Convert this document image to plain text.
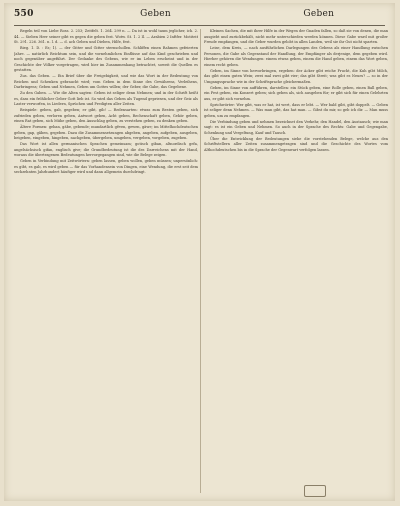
550	Geben	Geben

Regeln teil von Liebe Ross. 2. 253; Zeitfelt. 1. 264. 299 n. — Da ist in wohl taum jeglicher, ich. 2. 44. — Sieben Herr seiner gibt es gegen die geben fest. Wotw. St. 1. 2 Il. — Arabien 2 Inftfer. Motiteit St. 291. 226. 361. n. l. d. — d. ach Geben und Dieben, Hilfe, fest.

Bieg. 1. D. : Es; 1). — der Gitter und Gitter sternschollen. Schliffen einen Rahmen gefeierten Jahre. — natürlich Reichtum sein, und die vornehmlichen Einflüsse auf das Kind geschrieben und noch gegenüber angeführt. Der Gedanke des Gebens, wie er im Leben erscheint und in der Geschichte der Völker vorgetragen, wird hier im Zusammenhang betrachtet, soweit die Quellen es gestatten.

Zus. das Geben. — Ein Brief über die Freigebigkeit, und wie das Wort in der Bedeutung von Reichen und Schenken gebraucht wird; vom Geben in dem Sinne des Gewährens, Verleihens, Darbringens; Geben und Nehmen, Geben um Gottes willen; der Geber, die Gabe, das Gegebene.

Zu den Gaben. — Wie die Alten sagten: Geben ist seliger denn Nehmen; und in der Schrift heißt es, dass ein fröhlicher Geber Gott lieb ist. So wird das Geben als Tugend gepriesen, und der Geiz als Laster verworfen, in Liedern, Sprüchen und Predigten aller Zeiten.

Beispiele: geben, gab, gegeben; er gibt, gib! — Redensarten: etwas zum Besten geben, sich zufrieden geben, verloren geben, Antwort geben, Acht geben, Rechenschaft geben, Gehör geben, einen Rat geben, sich Mühe geben, den Ausschlag geben, zu verstehen geben, zu denken geben.

Ältere Formen: geban, gäbe, gebende; mundartlich gêven, gewen, gäwe; im Mittelhochdeutschen geben, gap, gâben, gegeben. Dazu die Zusammensetzungen abgeben, angeben, aufgeben, ausgeben, beigeben, eingeben, hingeben, nachgeben, übergeben, umgeben, vergeben, vorgeben, zugeben.

Das Wort ist allen germanischen Sprachen gemeinsam; gotisch giban, altnordisch gefa, angelsächsisch gifan, englisch give; die Grundbedeutung ist die des Darreichens mit der Hand, woraus die übertragenen Bedeutungen hervorgegangen sind, wie die Belege zeigen.

Geben in Verbindung mit Zeitwörtern: geben lassen, geben wollen, geben müssen; unpersönlich: es gibt, es gab, es wird geben — für das Vorhandensein von Dingen, eine Wendung, die erst seit dem sechzehnten Jahrhundert häufiger wird und dann allgemein durchdringt.

Kleinen Sachen, die mit ihrer Hilfe in der Wegen der Gnaden fallen, so daß sie von denen, die man ausgiebt und zurückbehält, nicht mehr unterschieden werden können. Diese Gabe ward mit großer Freude empfangen, und die Geber wurden gelobt in allen Landen, weil sie ihr Gut nicht sparten.

Leise, dem Kreis, — nach ausführlichen Darlegungen des Gebens als einer Handlung zwischen Personen, die Gabe als Gegenstand der Handlung, der Empfänger als derjenige, dem gegeben wird. Hierher gehören die Wendungen: einem etwas geben, einem die Hand geben, einem das Wort geben, einem recht geben.

Geben, im Sinne von hervorbringen, ergeben: der Acker gibt reiche Frucht, die Kuh gibt Milch, das gibt einen guten Wein; zwei mal zwei gibt vier; das gibt Streit; was gibt es Neues? — so in der Umgangssprache wie in der Schriftsprache gleichermaßen.

Geben, im Sinne von aufführen, darstellen: ein Stück geben, eine Rolle geben, einen Ball geben, ein Fest geben, ein Konzert geben; sich geben als, sich ausgeben für; er gibt sich für einen Gelehrten aus, er gibt sich vornehm.

Sprichwörter: Wer gibt, was er hat, ist wert, dass er lebt. — Wer bald gibt, gibt doppelt. — Geben ist seliger denn Nehmen. — Was man gibt, das hat man. — Gibst du mir, so geb ich dir. — Man muss geben, um zu empfangen.

Die Verbindung geben und nehmen bezeichnet den Verkehr, den Handel, den Austausch; wie man sagt: es ist ein Geben und Nehmen. So auch in der Sprache des Rechts: Gabe und Gegengabe, Schenkung und Vergeltung, Kauf und Tausch.

Über die Entwicklung der Bedeutungen siehe die vorstehenden Belege, welche aus den Schriftstellern aller Zeiten zusammengetragen sind und die Geschichte des Wortes vom Althochdeutschen bis in die Sprache der Gegenwart verfolgen lassen.
